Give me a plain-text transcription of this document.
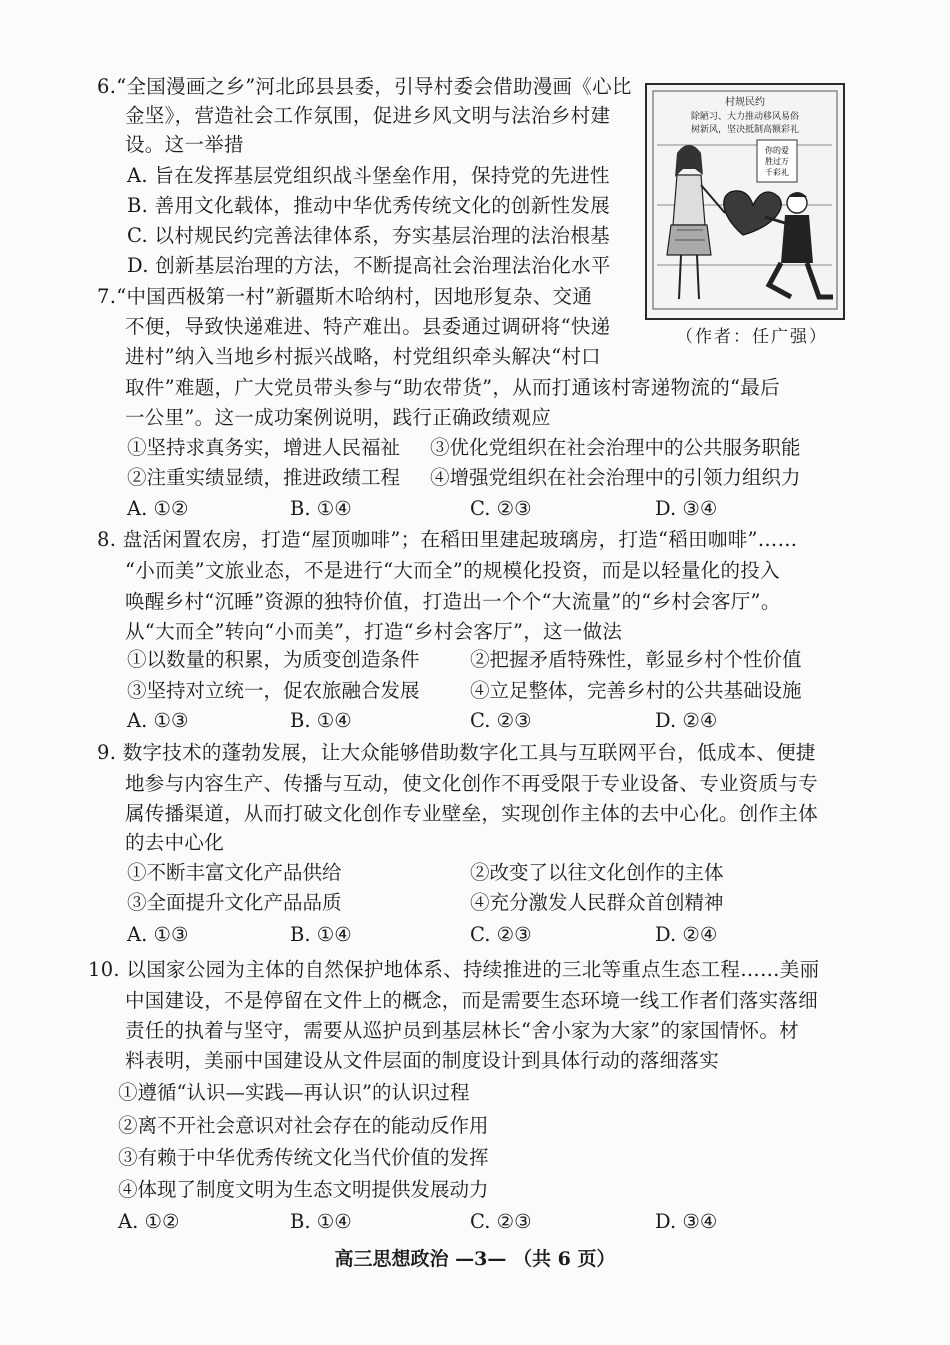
6.“全国漫画之乡”河北邱县县委，引导村委会借助漫画《心比
金坚》，营造社会工作氛围，促进乡风文明与法治乡村建
设。这一举措
A. 旨在发挥基层党组织战斗堡垒作用，保持党的先进性
B. 善用文化载体，推动中华优秀传统文化的创新性发展
C. 以村规民约完善法律体系，夯实基层治理的法治根基
D. 创新基层治理的方法，不断提高社会治理法治化水平
村规民约
除陋习、大力推动移风易俗
树新风，坚决抵制高额彩礼
你的爱
胜过万
千彩礼
（作者：任广强）
7.“中国西极第一村”新疆斯木哈纳村，因地形复杂、交通
不便，导致快递难进、特产难出。县委通过调研将“快递
进村”纳入当地乡村振兴战略，村党组织牵头解决“村口
取件”难题，广大党员带头参与“助农带货”，从而打通该村寄递物流的“最后
一公里”。这一成功案例说明，践行正确政绩观应
①坚持求真务实，增进人民福祉 ③优化党组织在社会治理中的公共服务职能
②注重实绩显绩，推进政绩工程 ④增强党组织在社会治理中的引领力组织力
A. ①②	B. ①④	C. ②③	D. ③④
8. 盘活闲置农房，打造“屋顶咖啡”；在稻田里建起玻璃房，打造“稻田咖啡”……
“小而美”文旅业态，不是进行“大而全”的规模化投资，而是以轻量化的投入
唤醒乡村“沉睡”资源的独特价值，打造出一个个“大流量”的“乡村会客厅”。
从“大而全”转向“小而美”，打造“乡村会客厅”，这一做法
①以数量的积累，为质变创造条件	②把握矛盾特殊性，彰显乡村个性价值
③坚持对立统一，促农旅融合发展	④立足整体，完善乡村的公共基础设施
A. ①③	B. ①④	C. ②③	D. ②④
9. 数字技术的蓬勃发展，让大众能够借助数字化工具与互联网平台，低成本、便捷
地参与内容生产、传播与互动，使文化创作不再受限于专业设备、专业资质与专
属传播渠道，从而打破文化创作专业壁垒，实现创作主体的去中心化。创作主体
的去中心化
①不断丰富文化产品供给	②改变了以往文化创作的主体
③全面提升文化产品品质	④充分激发人民群众首创精神
A. ①③	B. ①④	C. ②③	D. ②④
10. 以国家公园为主体的自然保护地体系、持续推进的三北等重点生态工程……美丽
中国建设，不是停留在文件上的概念，而是需要生态环境一线工作者们落实落细
责任的执着与坚守，需要从巡护员到基层林长“舍小家为大家”的家国情怀。材
料表明，美丽中国建设从文件层面的制度设计到具体行动的落细落实
①遵循“认识—实践—再认识”的认识过程
②离不开社会意识对社会存在的能动反作用
③有赖于中华优秀传统文化当代价值的发挥
④体现了制度文明为生态文明提供发展动力
A. ①②	B. ①④	C. ②③	D. ③④
高三思想政治 —3— （共 6 页）
